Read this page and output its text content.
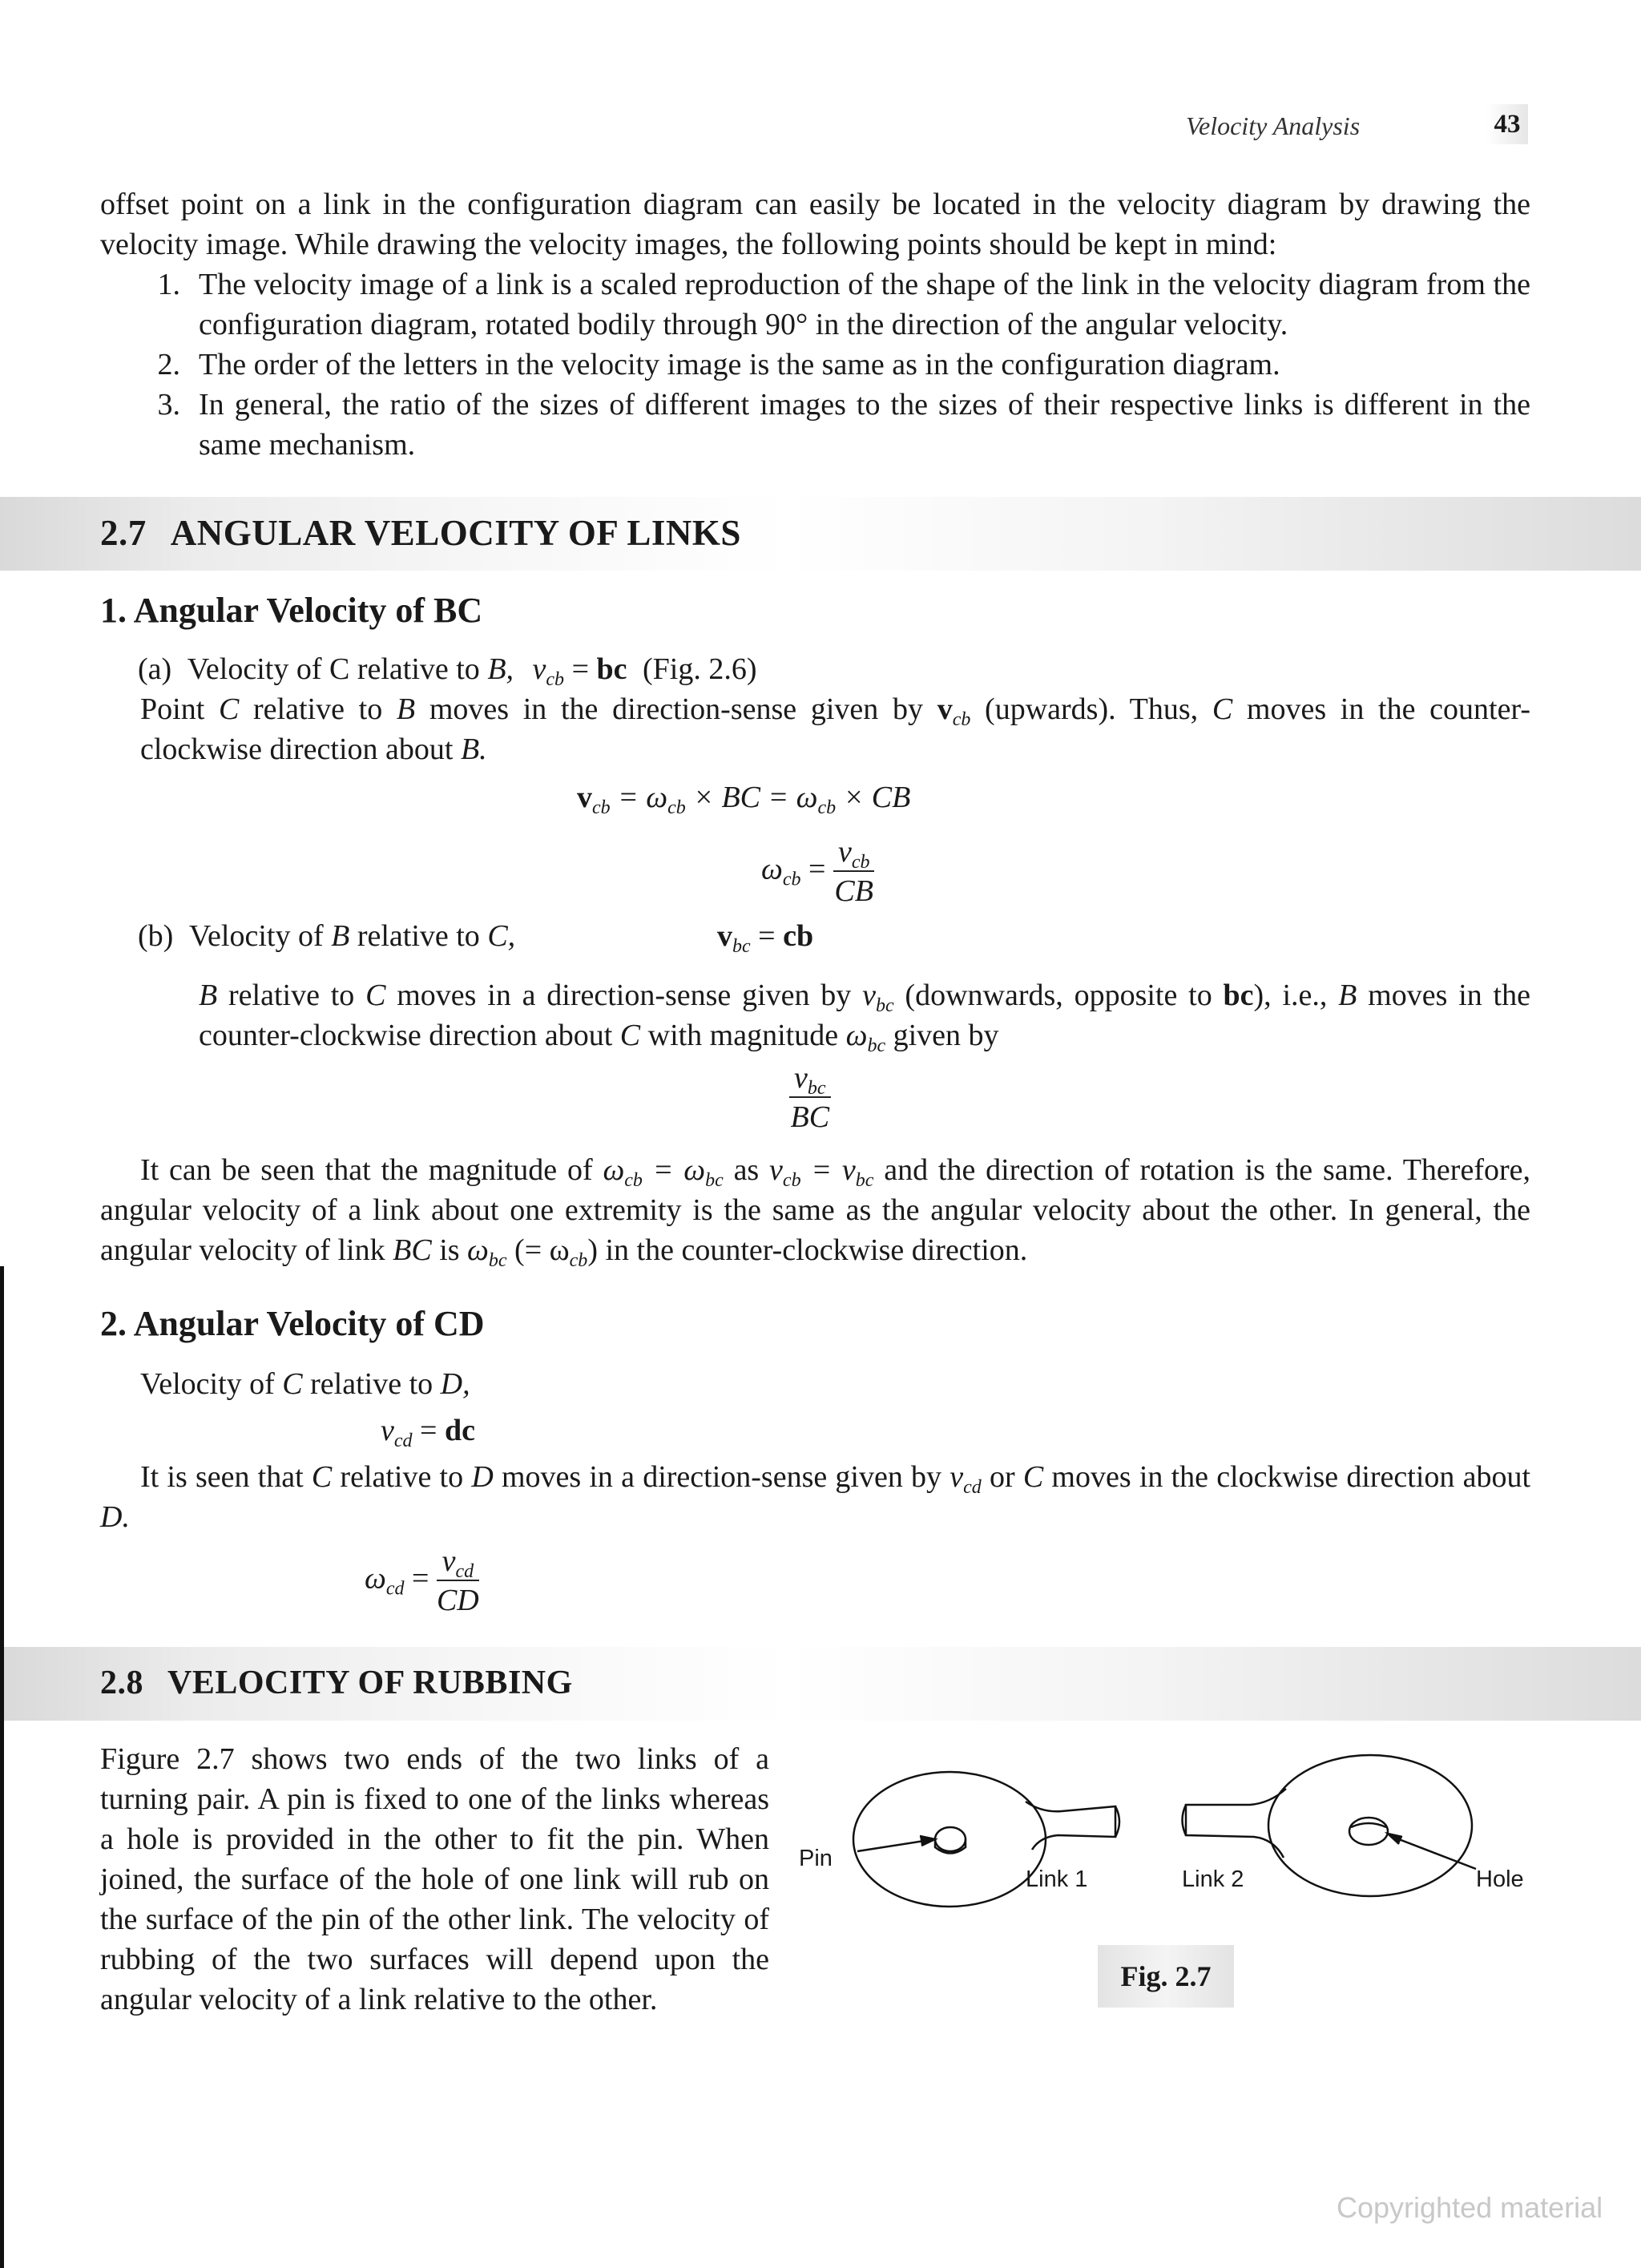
Velocity Analysis	43
offset point on a link in the configuration diagram can easily be located in the velocity diagram by drawing the velocity image. While drawing the velocity images, the following points should be kept in mind:
1. The velocity image of a link is a scaled reproduction of the shape of the link in the velocity diagram from the configuration diagram, rotated bodily through 90° in the direction of the angular velocity.
2. The order of the letters in the velocity image is the same as in the configuration diagram.
3. In general, the ratio of the sizes of different images to the sizes of their respective links is different in the same mechanism.
2.7 ANGULAR VELOCITY OF LINKS
1. Angular Velocity of BC
(a) Velocity of C relative to B, $v_{cb}$ = bc (Fig. 2.6)
Point C relative to B moves in the direction-sense given by $v_{cb}$ (upwards). Thus, C moves in the counter-clockwise direction about B.
$v_{cb} = \omega_{cb}$ × BC = $\omega_{cb}$ × CB
$\omega_{cb} = \frac{v_{cb}}{CB}$
(b) Velocity of B relative to C,	$v_{bc}$ = cb
B relative to C moves in a direction-sense given by $v_{bc}$ (downwards, opposite to bc), i.e., B moves in the counter-clockwise direction about C with magnitude $\omega_{bc}$ given by
$\frac{v_{bc}}{BC}$
It can be seen that the magnitude of $\omega_{cb} = \omega_{bc}$ as $v_{cb} = v_{bc}$ and the direction of rotation is the same. Therefore, angular velocity of a link about one extremity is the same as the angular velocity about the other. In general, the angular velocity of link BC is $\omega_{bc}$ (= $\omega_{cb}$) in the counter-clockwise direction.
2. Angular Velocity of CD
Velocity of C relative to D,
$v_{cd}$ = dc
It is seen that C relative to D moves in a direction-sense given by $v_{cd}$ or C moves in the clockwise direction about D.
$\omega_{cd} = \frac{v_{cd}}{CD}$
2.8 VELOCITY OF RUBBING
Figure 2.7 shows two ends of the two links of a turning pair. A pin is fixed to one of the links whereas a hole is provided in the other to fit the pin. When joined, the surface of the hole of one link will rub on the surface of the pin of the other link. The velocity of rubbing of the two surfaces will depend upon the angular velocity of a link relative to the other.
Pin
Link 1	Link 2	Hole
Fig. 2.7
Copyrighted material
